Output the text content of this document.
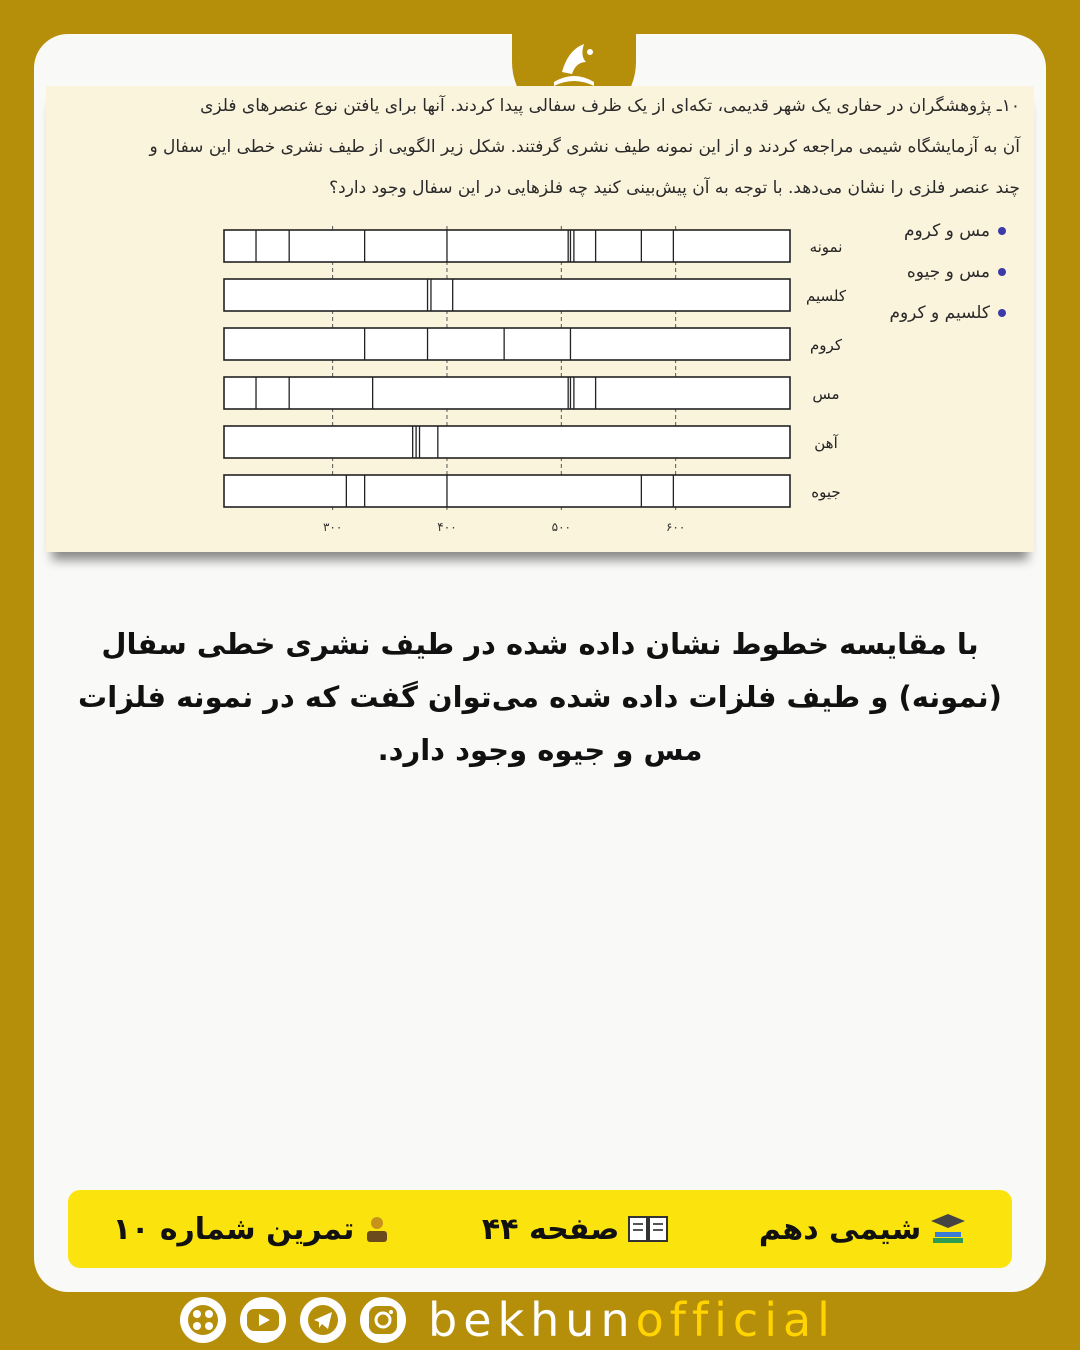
۱۰ـ پژوهشگران در حفاری یک شهر قدیمی، تکه‌ای از یک ظرف سفالی پیدا کردند. آنها برای یافتن نوع عنصرهای فلزی

آن به آزمایشگاه شیمی مراجعه کردند و از این نمونه طیف نشری گرفتند. شکل زیر الگویی از طیف نشری خطی این سفال و

چند عنصر فلزی را نشان می‌دهد. با توجه به آن پیش‌بینی کنید چه فلزهایی در این سفال وجود دارد؟

مس و کروم
مس و جیوه
کلسیم و کروم
۳۰۰	۴۰۰	۵۰۰	۶۰۰
نمونه
کلسیم
کروم
مس
آهن
جیوه
با مقایسه خطوط نشان داده شده در طیف نشری خطی سفال (نمونه) و طیف فلزات داده شده می‌توان گفت که در نمونه فلزات مس و جیوه وجود دارد.
تمرین شماره ۱۰	صفحه ۴۴	شیمی دهم
bekhunofficial
